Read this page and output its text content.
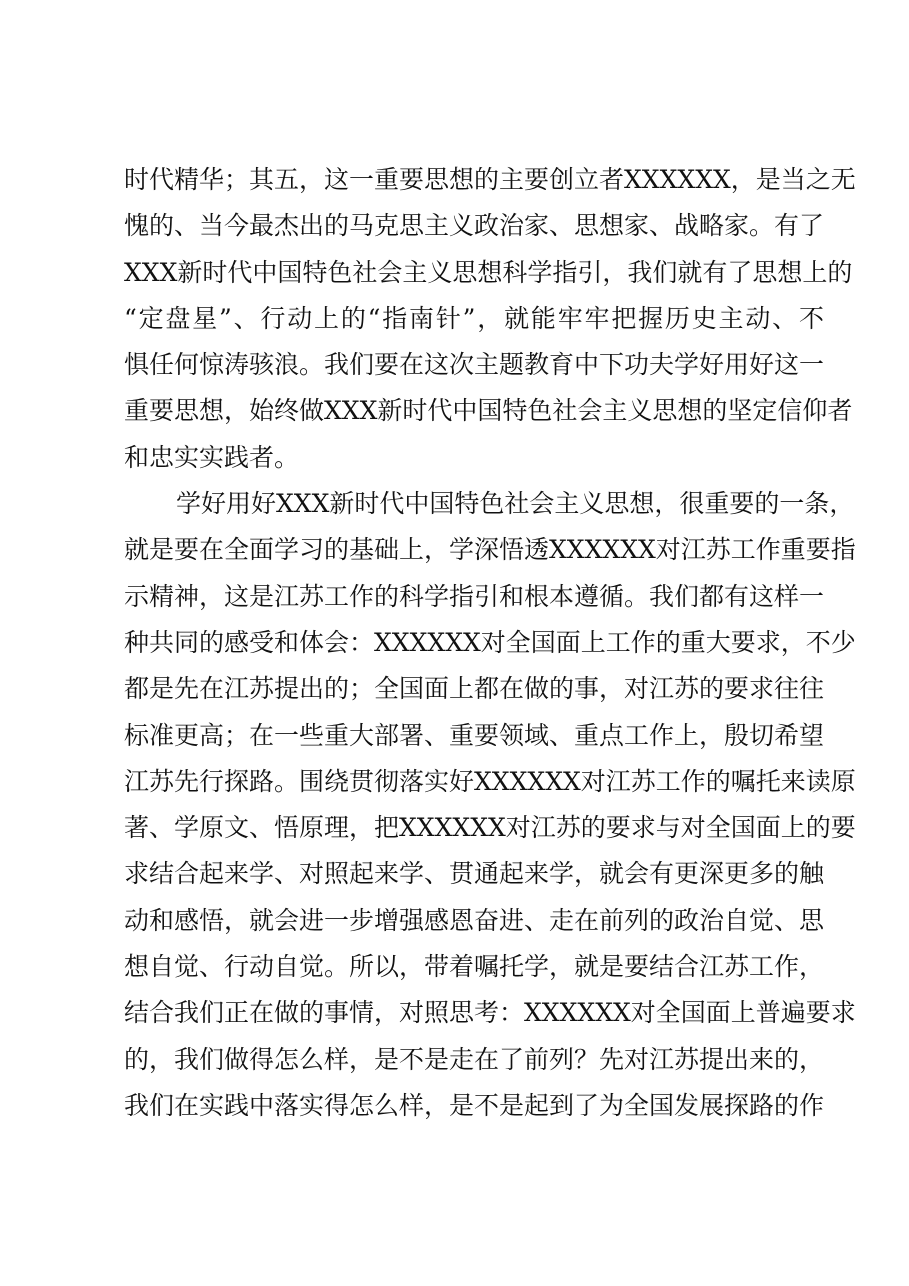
时代精华；其五，这一重要思想的主要创立者XXXXXX，是当之无
愧的、当今最杰出的马克思主义政治家、思想家、战略家。有了
XXX新时代中国特色社会主义思想科学指引，我们就有了思想上的
“定盘星”、行动上的“指南针”，就能牢牢把握历史主动、不
惧任何惊涛骇浪。我们要在这次主题教育中下功夫学好用好这一
重要思想，始终做XXX新时代中国特色社会主义思想的坚定信仰者
和忠实实践者。
学好用好XXX新时代中国特色社会主义思想，很重要的一条，
就是要在全面学习的基础上，学深悟透XXXXXX对江苏工作重要指
示精神，这是江苏工作的科学指引和根本遵循。我们都有这样一
种共同的感受和体会：XXXXXX对全国面上工作的重大要求，不少
都是先在江苏提出的；全国面上都在做的事，对江苏的要求往往
标准更高；在一些重大部署、重要领域、重点工作上，殷切希望
江苏先行探路。围绕贯彻落实好XXXXXX对江苏工作的嘱托来读原
著、学原文、悟原理，把XXXXXX对江苏的要求与对全国面上的要
求结合起来学、对照起来学、贯通起来学，就会有更深更多的触
动和感悟，就会进一步增强感恩奋进、走在前列的政治自觉、思
想自觉、行动自觉。所以，带着嘱托学，就是要结合江苏工作，
结合我们正在做的事情，对照思考：XXXXXX对全国面上普遍要求
的，我们做得怎么样，是不是走在了前列？先对江苏提出来的，
我们在实践中落实得怎么样，是不是起到了为全国发展探路的作
